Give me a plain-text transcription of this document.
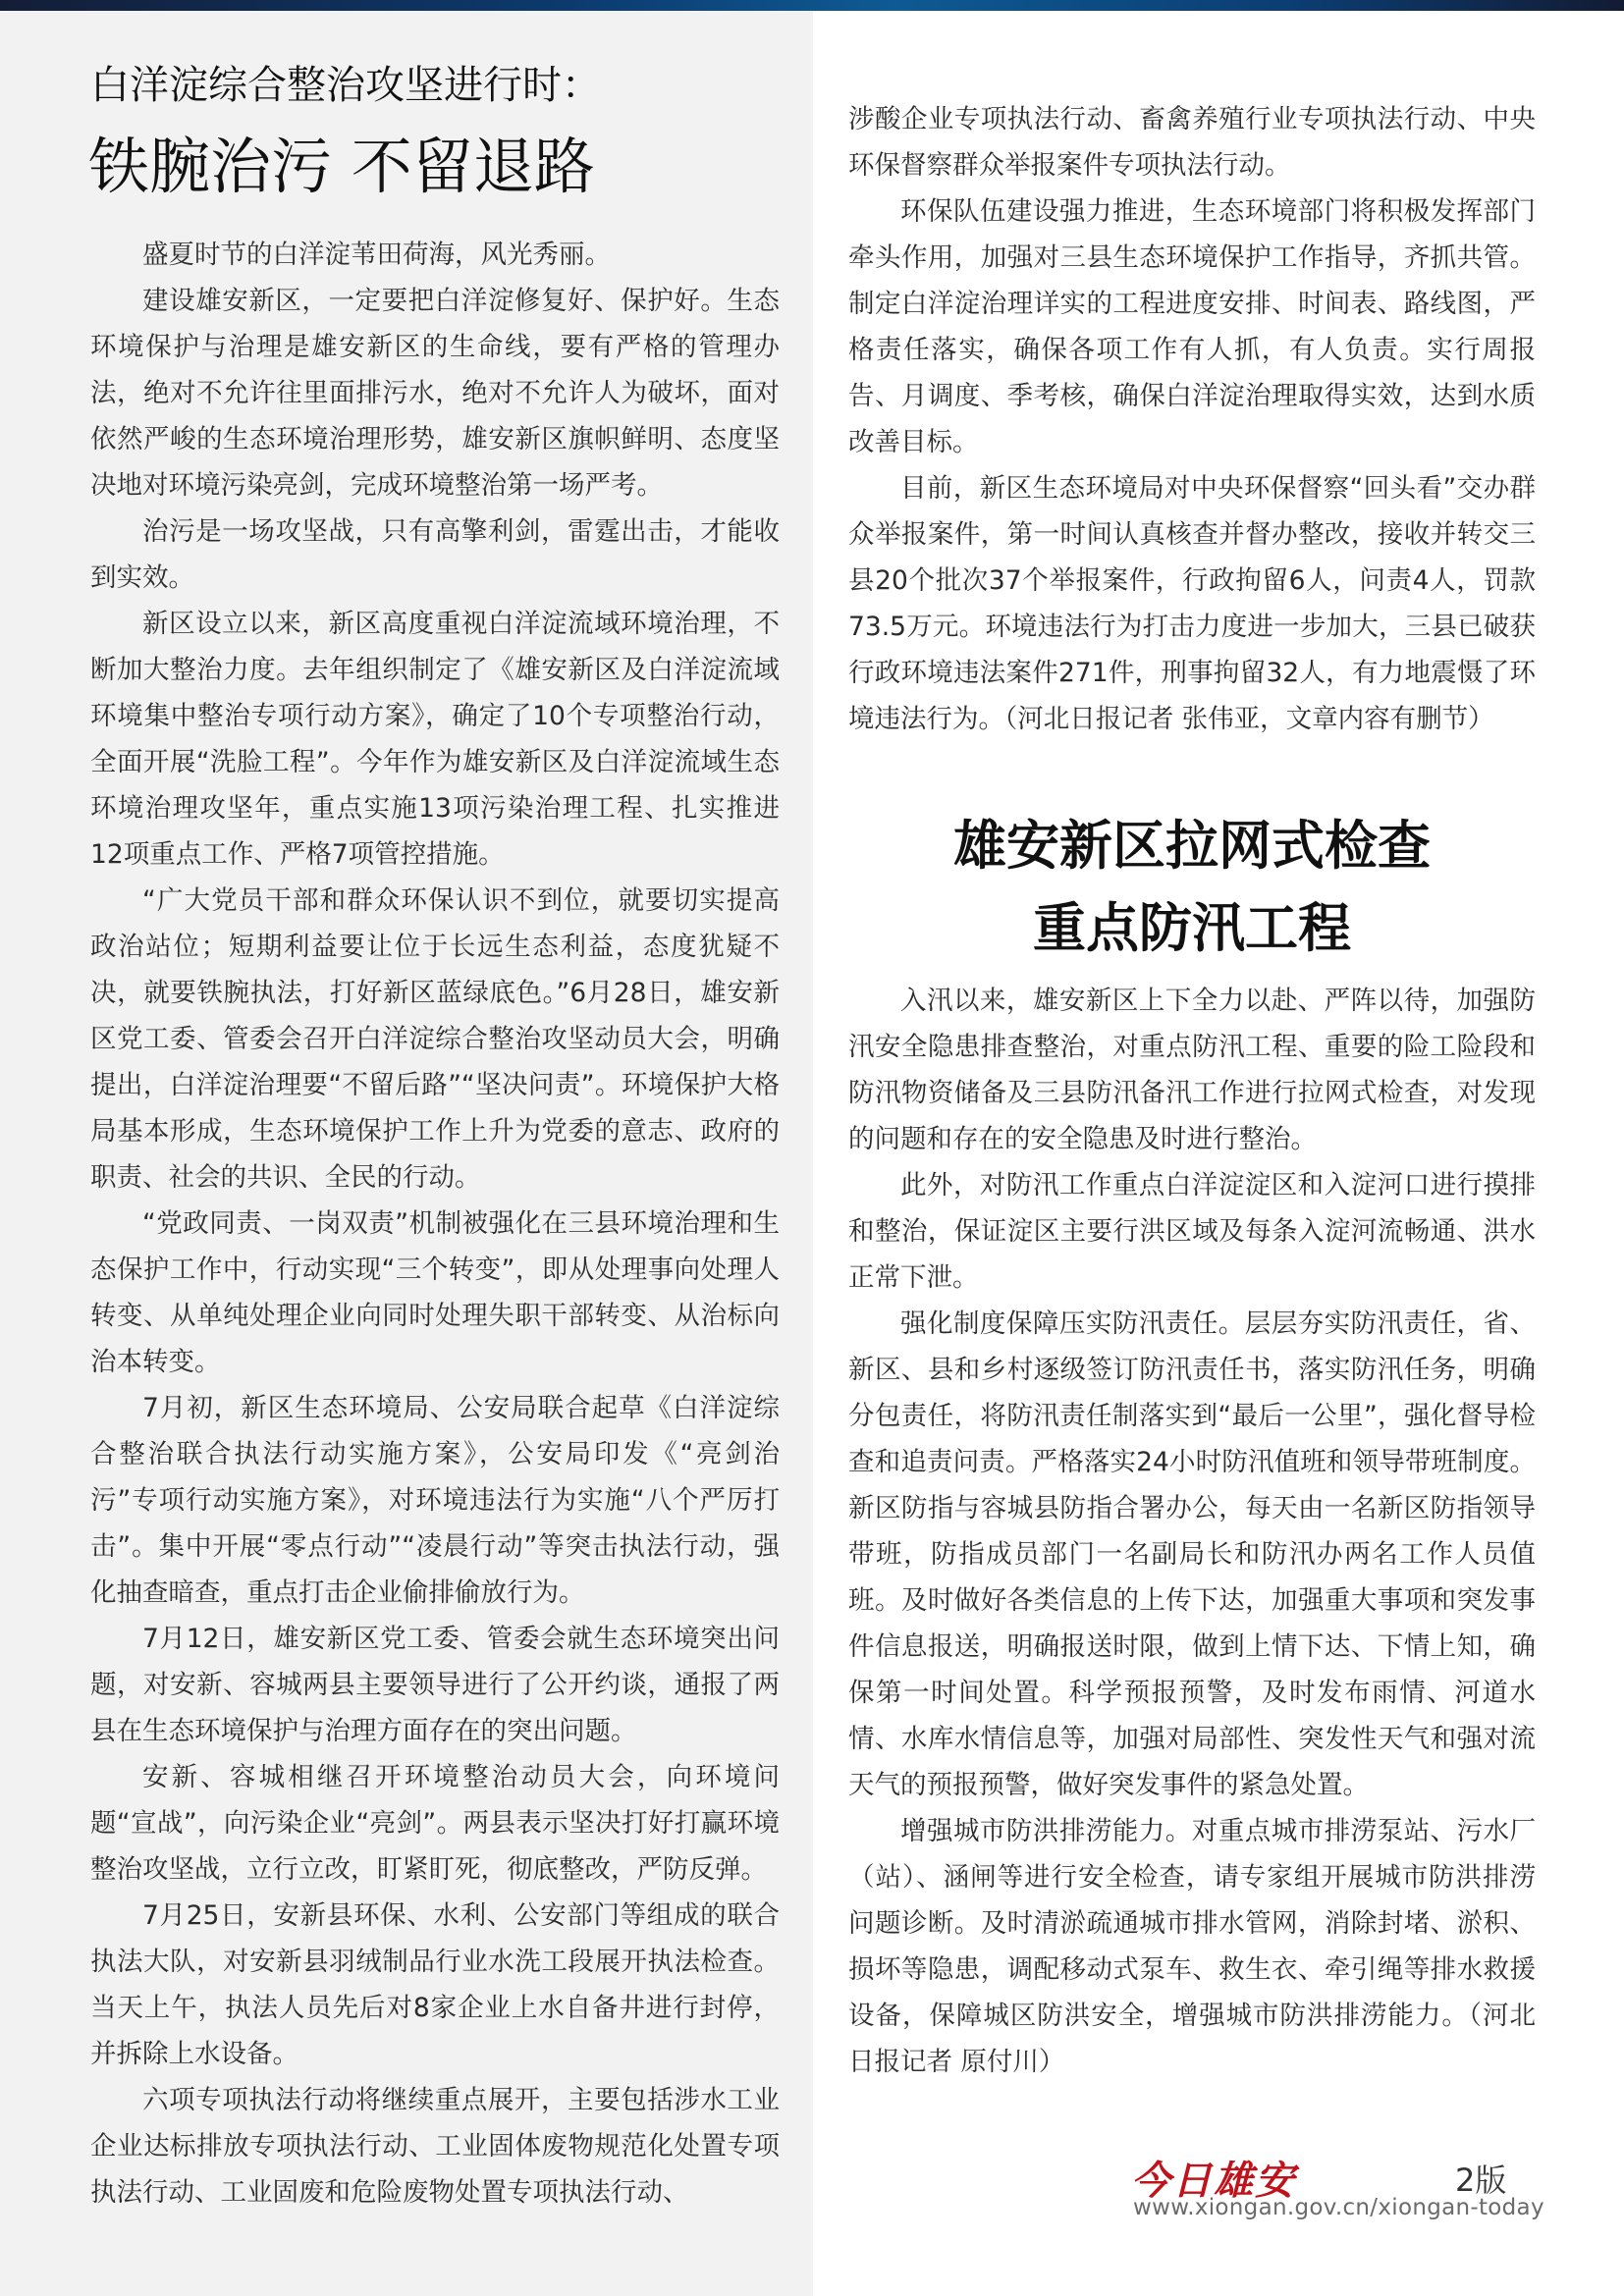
白洋淀综合整治攻坚进行时：
铁腕治污 不留退路

盛夏时节的白洋淀苇田荷海，风光秀丽。

建设雄安新区，一定要把白洋淀修复好、保护好。生态环境保护与治理是雄安新区的生命线，要有严格的管理办法，绝对不允许往里面排污水，绝对不允许人为破坏，面对依然严峻的生态环境治理形势，雄安新区旗帜鲜明、态度坚决地对环境污染亮剑，完成环境整治第一场严考。

治污是一场攻坚战，只有高擎利剑，雷霆出击，才能收到实效。

新区设立以来，新区高度重视白洋淀流域环境治理，不断加大整治力度。去年组织制定了《雄安新区及白洋淀流域环境集中整治专项行动方案》，确定了10个专项整治行动，全面开展“洗脸工程”。今年作为雄安新区及白洋淀流域生态环境治理攻坚年，重点实施13项污染治理工程、扎实推进12项重点工作、严格7项管控措施。

“广大党员干部和群众环保认识不到位，就要切实提高政治站位；短期利益要让位于长远生态利益，态度犹疑不决，就要铁腕执法，打好新区蓝绿底色。”6月28日，雄安新区党工委、管委会召开白洋淀综合整治攻坚动员大会，明确提出，白洋淀治理要“不留后路”“坚决问责”。环境保护大格局基本形成，生态环境保护工作上升为党委的意志、政府的职责、社会的共识、全民的行动。

“党政同责、一岗双责”机制被强化在三县环境治理和生态保护工作中，行动实现“三个转变”，即从处理事向处理人转变、从单纯处理企业向同时处理失职干部转变、从治标向治本转变。

7月初，新区生态环境局、公安局联合起草《白洋淀综合整治联合执法行动实施方案》，公安局印发《“亮剑治污”专项行动实施方案》，对环境违法行为实施“八个严厉打击”。集中开展“零点行动”“凌晨行动”等突击执法行动，强化抽查暗查，重点打击企业偷排偷放行为。

7月12日，雄安新区党工委、管委会就生态环境突出问题，对安新、容城两县主要领导进行了公开约谈，通报了两县在生态环境保护与治理方面存在的突出问题。

安新、容城相继召开环境整治动员大会，向环境问题“宣战”，向污染企业“亮剑”。两县表示坚决打好打赢环境整治攻坚战，立行立改，盯紧盯死，彻底整改，严防反弹。

7月25日，安新县环保、水利、公安部门等组成的联合执法大队，对安新县羽绒制品行业水洗工段展开执法检查。当天上午，执法人员先后对8家企业上水自备井进行封停，并拆除上水设备。

六项专项执法行动将继续重点展开，主要包括涉水工业企业达标排放专项执法行动、工业固体废物规范化处置专项执法行动、工业固废和危险废物处置专项执法行动、

涉酸企业专项执法行动、畜禽养殖行业专项执法行动、中央环保督察群众举报案件专项执法行动。

环保队伍建设强力推进，生态环境部门将积极发挥部门牵头作用，加强对三县生态环境保护工作指导，齐抓共管。制定白洋淀治理详实的工程进度安排、时间表、路线图，严格责任落实，确保各项工作有人抓，有人负责。实行周报告、月调度、季考核，确保白洋淀治理取得实效，达到水质改善目标。

目前，新区生态环境局对中央环保督察“回头看”交办群众举报案件，第一时间认真核查并督办整改，接收并转交三县20个批次37个举报案件，行政拘留6人，问责4人，罚款73.5万元。环境违法行为打击力度进一步加大，三县已破获行政环境违法案件271件，刑事拘留32人，有力地震慑了环境违法行为。（河北日报记者 张伟亚，文章内容有删节）

雄安新区拉网式检查
重点防汛工程

入汛以来，雄安新区上下全力以赴、严阵以待，加强防汛安全隐患排查整治，对重点防汛工程、重要的险工险段和防汛物资储备及三县防汛备汛工作进行拉网式检查，对发现的问题和存在的安全隐患及时进行整治。

此外，对防汛工作重点白洋淀淀区和入淀河口进行摸排和整治，保证淀区主要行洪区域及每条入淀河流畅通、洪水正常下泄。

强化制度保障压实防汛责任。层层夯实防汛责任，省、新区、县和乡村逐级签订防汛责任书，落实防汛任务，明确分包责任，将防汛责任制落实到“最后一公里”，强化督导检查和追责问责。严格落实24小时防汛值班和领导带班制度。新区防指与容城县防指合署办公，每天由一名新区防指领导带班，防指成员部门一名副局长和防汛办两名工作人员值班。及时做好各类信息的上传下达，加强重大事项和突发事件信息报送，明确报送时限，做到上情下达、下情上知，确保第一时间处置。科学预报预警，及时发布雨情、河道水情、水库水情信息等，加强对局部性、突发性天气和强对流天气的预报预警，做好突发事件的紧急处置。

增强城市防洪排涝能力。对重点城市排涝泵站、污水厂（站）、涵闸等进行安全检查，请专家组开展城市防洪排涝问题诊断。及时清淤疏通城市排水管网，消除封堵、淤积、损坏等隐患，调配移动式泵车、救生衣、牵引绳等排水救援设备，保障城区防洪安全，增强城市防洪排涝能力。（河北日报记者 原付川）

今日雄安	2版
www.xiongan.gov.cn/xiongan-today
